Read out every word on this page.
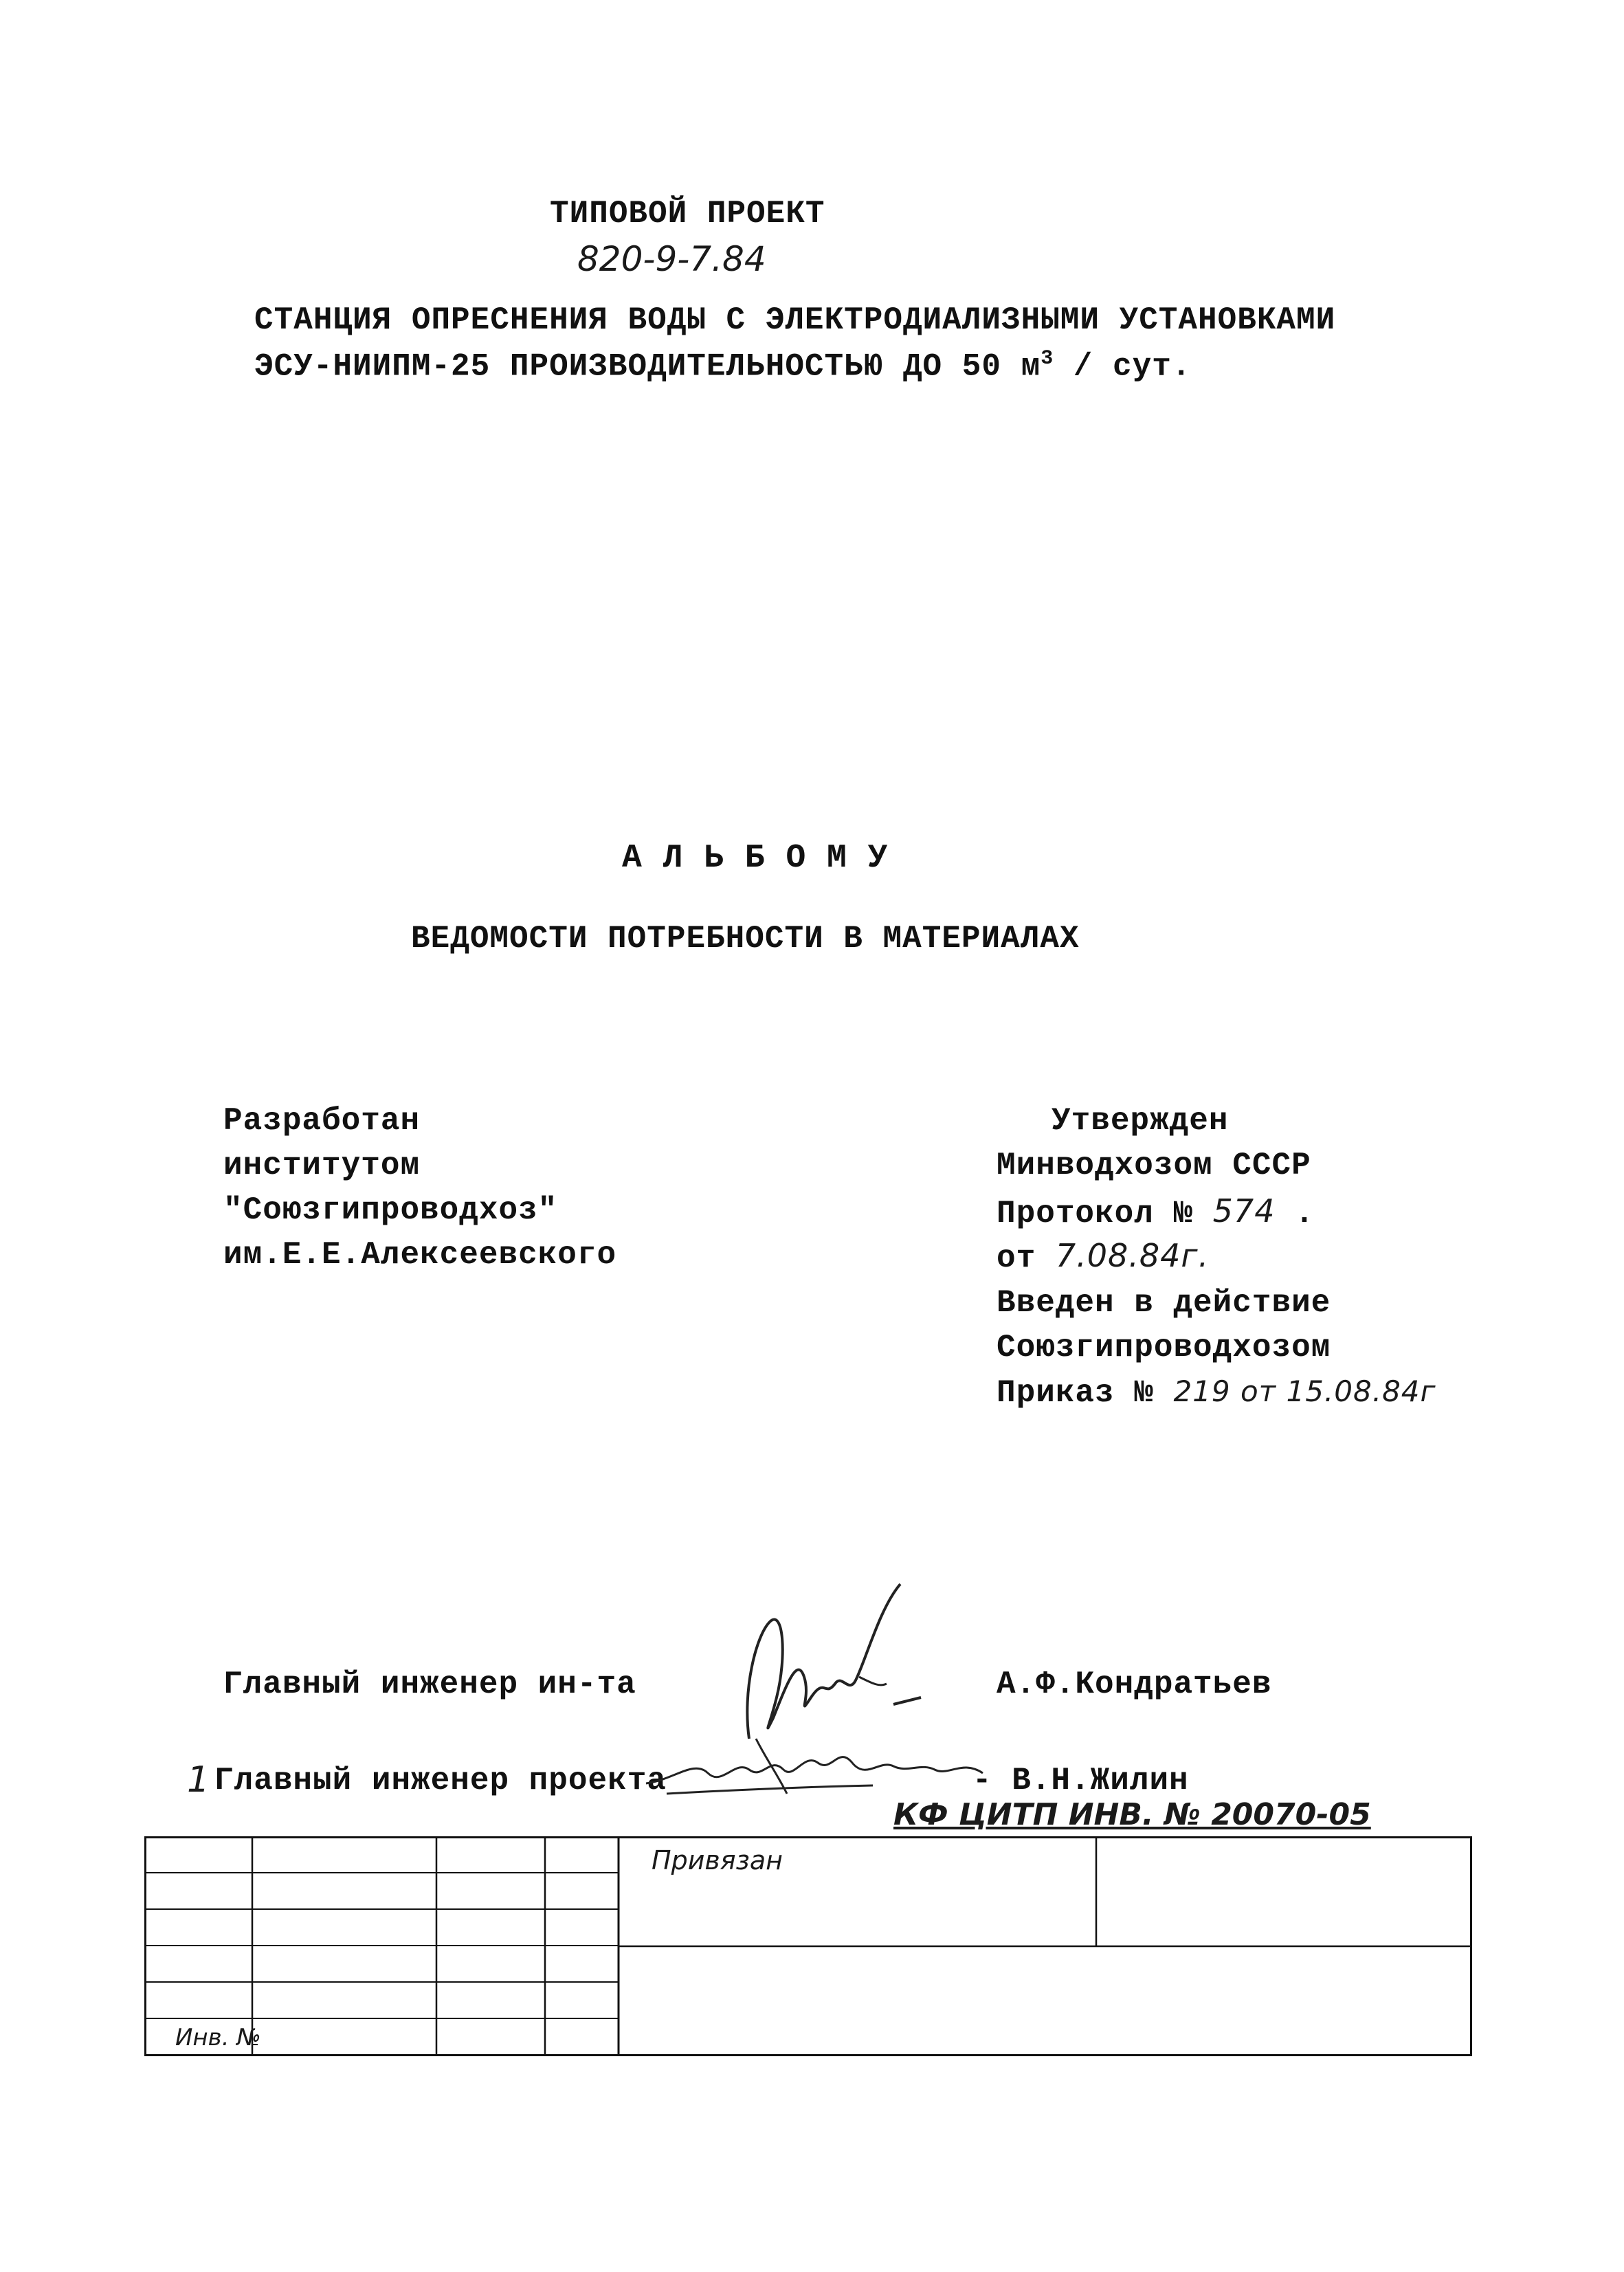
ТИПОВОЙ ПРОЕКТ
820-9-7.84
СТАНЦИЯ ОПРЕСНЕНИЯ ВОДЫ С ЭЛЕКТРОДИАЛИЗНЫМИ УСТАНОВКАМИ
ЭСУ-НИИПМ-25 ПРОИЗВОДИТЕЛЬНОСТЬЮ ДО 50 $м^3$ / сут.
А Л Ь Б О М У
ВЕДОМОСТИ ПОТРЕБНОСТИ В МАТЕРИАЛАХ
Разработан
институтом
"Союзгипроводхоз"
им.Е.Е.Алексеевского
Утвержден
Минводхозом СССР
Протокол № 574 .
от 7.08.84г.
Введен в действие
Союзгипроводхозом
Приказ № 219 от 15.08.84г
Главный инженер ин-та	А.Ф.Кондратьев
1 Главный инженер проекта	- В.Н.Жилин
КФ ЦИТП ИНВ. № 20070-05
Привязан
Инв. №
